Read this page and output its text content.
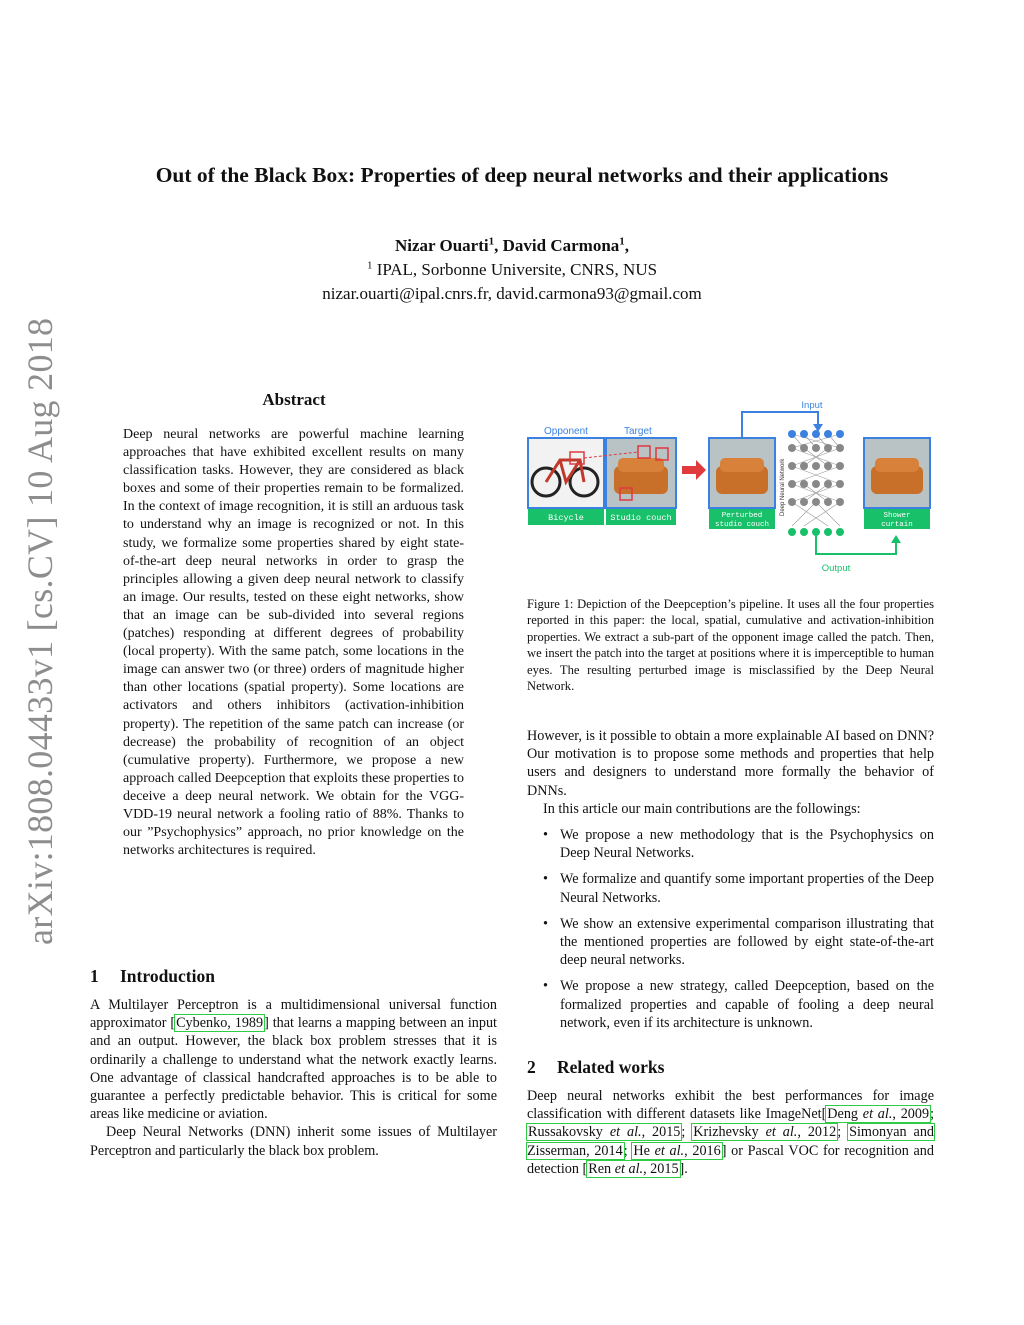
arXiv:1808.04433v1 [cs.CV] 10 Aug 2018
Out of the Black Box: Properties of deep neural networks and their applications
Nizar Ouarti$^1$, David Carmona$^1$,
$^1$ IPAL, Sorbonne Universite, CNRS, NUS
nizar.ouarti@ipal.cnrs.fr, david.carmona93@gmail.com
Abstract

Deep neural networks are powerful machine learning approaches that have exhibited excellent results on many classification tasks. However, they are considered as black boxes and some of their properties remain to be formalized. In the context of image recognition, it is still an arduous task to understand why an image is recognized or not. In this study, we formalize some properties shared by eight state-of-the-art deep neural networks in order to grasp the principles allowing a given deep neural network to classify an image. Our results, tested on these eight networks, show that an image can be sub-divided into several regions (patches) responding at different degrees of probability (local property). With the same patch, some locations in the image can answer two (or three) orders of magnitude higher than other locations (spatial property). Some locations are activators and others inhibitors (activation-inhibition property). The repetition of the same patch can increase (or decrease) the probability of recognition of an object (cumulative property). Furthermore, we propose a new approach called Deepception that exploits these properties to deceive a deep neural network. We obtain for the VGG-VDD-19 neural network a fooling ratio of 88%. Thanks to our ”Psychophysics” approach, no prior knowledge on the networks architectures is required.

1 Introduction

A Multilayer Perceptron is a multidimensional universal function approximator [Cybenko, 1989] that learns a mapping between an input and an output. However, the black box problem stresses that it is ordinarily a challenge to understand what the network exactly learns. One advantage of classical handcrafted approaches is to be able to guarantee a perfectly predictable behavior. This is critical for some areas like medicine or aviation.

Deep Neural Networks (DNN) inherit some issues of Multilayer Perceptron and particularly the black box problem.

Opponent	Target
Bicycle	Studio couch	Perturbed
studio couch
Input
Deep Neural Network
Output
Shower
curtain

Figure 1: Depiction of the Deepception’s pipeline. It uses all the four properties reported in this paper: the local, spatial, cumulative and activation-inhibition properties. We extract a sub-part of the opponent image called the patch. Then, we insert the patch into the target at positions where it is imperceptible to human eyes. The resulting perturbed image is misclassified by the Deep Neural Network.

However, is it possible to obtain a more explainable AI based on DNN? Our motivation is to propose some methods and properties that help users and designers to understand more formally the behavior of DNNs.

In this article our main contributions are the followings:

• We propose a new methodology that is the Psychophysics on Deep Neural Networks.
• We formalize and quantify some important properties of the Deep Neural Networks.
• We show an extensive experimental comparison illustrating that the mentioned properties are followed by eight state-of-the-art deep neural networks.
• We propose a new strategy, called Deepception, based on the formalized properties and capable of fooling a deep neural network, even if its architecture is unknown.
2 Related works

Deep neural networks exhibit the best performances for image classification with different datasets like ImageNet[Deng et al., 2009; Russakovsky et al., 2015; Krizhevsky et al., 2012; Simonyan and Zisserman, 2014; He et al., 2016] or Pascal VOC for recognition and detection [Ren et al., 2015].
